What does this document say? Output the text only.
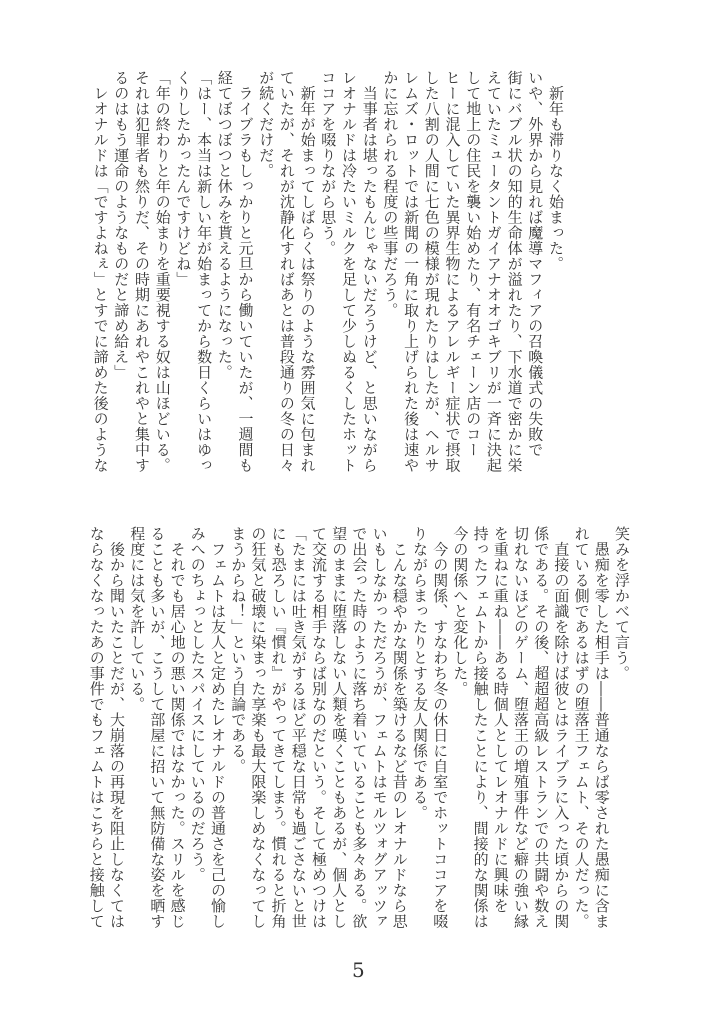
　新年も滞りなく始まった。
いや、外界から見れば魔導マフィアの召喚儀式の失敗で
街にバブル状の知的生命体が溢れたり、下水道で密かに栄
えていたミュータントガイアナオオゴキブリが一斉に決起
して地上の住民を襲い始めたり、有名チェーン店のコー
ヒーに混入していた異界生物によるアレルギー症状で摂取
した八割の人間に七色の模様が現れたりはしたが、ヘルサ
レムズ・ロットでは新聞の一角に取り上げられた後は速や
かに忘れられる程度の些事だろう。
　当事者は堪ったもんじゃないだろうけど、と思いながら
レオナルドは冷たいミルクを足して少しぬるくしたホット
ココアを啜りながら思う。
　新年が始まってしばらくは祭りのような雰囲気に包まれ
ていたが、それが沈静化すればあとは普段通りの冬の日々
が続くだけだ。
　ライブラもしっかりと元旦から働いていたが、一週間も
経てぼつぼつと休みを貰えるようになった。
「はー、本当は新しい年が始まってから数日くらいはゆっ
くりしたかったんですけどね」
「年の終わりと年の始まりを重要視する奴は山ほどいる。
それは犯罪者も然りだ、その時期にあれやこれやと集中す
るのはもう運命のようなものだと諦め給え」
　レオナルドは「ですよねぇ」とすでに諦めた後のような
笑みを浮かべて言う。
　愚痴を零した相手は――普通ならば零された愚痴に含ま
れている側であるはずの堕落王フェムト、その人だった。
　直接の面識を除けば彼とはライブラに入った頃からの関
係である。その後、超超超高級レストランでの共闘や数え
切れないほどのゲーム、堕落王の増殖事件など癖の強い縁
を重ねに重ね――ある時個人としてレオナルドに興味を
持ったフェムトから接触したことにより、間接的な関係は
今の関係へと変化した。
　今の関係、すなわち冬の休日に自室でホットココアを啜
りながらまったりとする友人関係である。
　こんな穏やかな関係を築けるなど昔のレオナルドなら思
いもしなかっただろうが、フェムトはモルツォグアッツァ
で出会った時のように落ち着いていることも多々ある。欲
望のままに堕落しない人類を嘆くこともあるが、個人とし
て交流する相手ならば別なのだという。そして極めつけは
「たまには吐き気がするほど平穏な日常も過ごさないと世
にも恐ろしい『慣れ』がやってきてしまう。慣れると折角
の狂気と破壊に染まった享楽も最大限楽しめなくなってし
まうからね！」という自論である。
　フェムトは友人と定めたレオナルドの普通さを己の愉し
みへのちょっとしたスパイスにしているのだろう。
　それでも居心地の悪い関係ではなかった。スリルを感じ
ることも多いが、こうして部屋に招いて無防備な姿を晒す
程度には気を許している。
　後から聞いたことだが、大崩落の再現を阻止しなくては
ならなくなったあの事件でもフェムトはこちらと接触して
5
